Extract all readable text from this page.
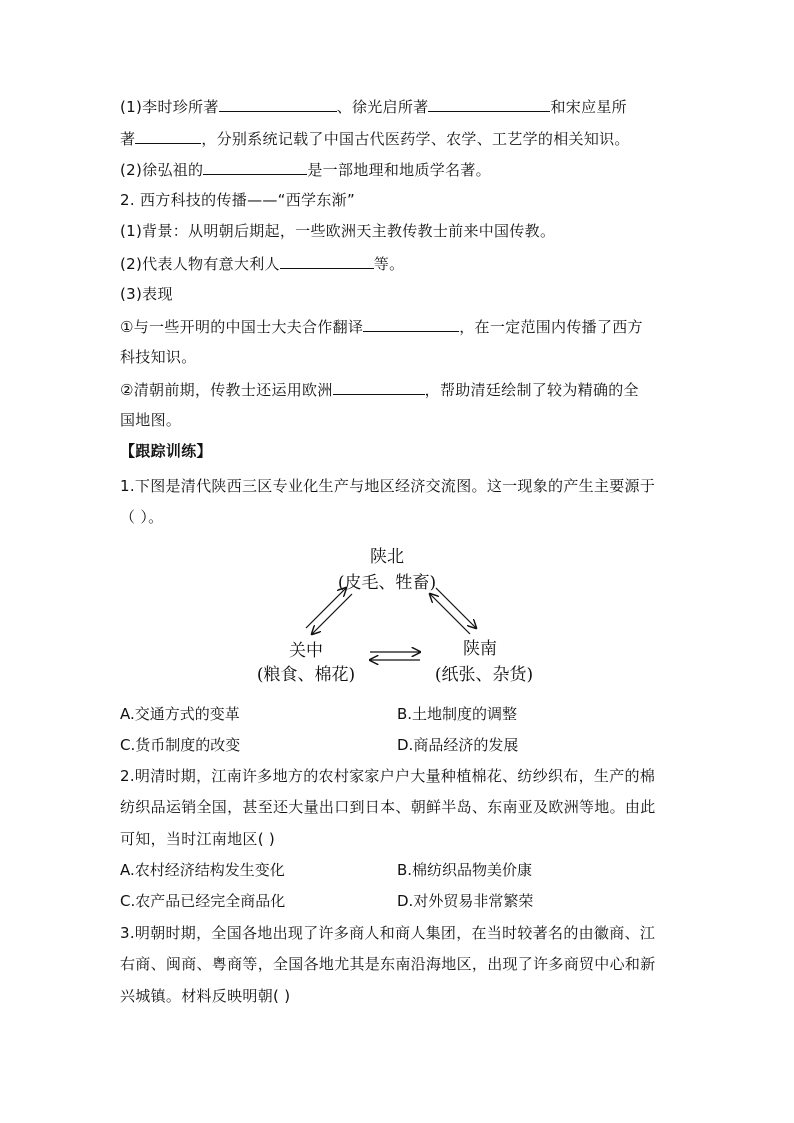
(1)李时珍所著	、徐光启所著	和宋应星所
著	，分别系统记载了中国古代医药学、农学、工艺学的相关知识。
(2)徐弘祖的	是一部地理和地质学名著。
2. 西方科技的传播——“西学东渐”
(1)背景：从明朝后期起，一些欧洲天主教传教士前来中国传教。
(2)代表人物有意大利人	等。
(3)表现
①与一些开明的中国士大夫合作翻译	，在一定范围内传播了西方
科技知识。
②清朝前期，传教士还运用欧洲	，帮助清廷绘制了较为精确的全
国地图。
【跟踪训练】
1.下图是清代陕西三区专业化生产与地区经济交流图。这一现象的产生主要源于
（ ）。
陕北
(皮毛、牲畜)
关中
(粮食、棉花)
陕南
(纸张、杂货)
A.交通方式的变革	B.土地制度的调整
C.货币制度的改变	D.商品经济的发展
2.明清时期，江南许多地方的农村家家户户大量种植棉花、纺纱织布，生产的棉
纺织品运销全国，甚至还大量出口到日本、朝鲜半岛、东南亚及欧洲等地。由此
可知，当时江南地区( )
A.农村经济结构发生变化	B.棉纺织品物美价康
C.农产品已经完全商品化	D.对外贸易非常繁荣
3.明朝时期，全国各地出现了许多商人和商人集团，在当时较著名的由徽商、江
右商、闽商、粤商等，全国各地尤其是东南沿海地区，出现了许多商贸中心和新
兴城镇。材料反映明朝( )
